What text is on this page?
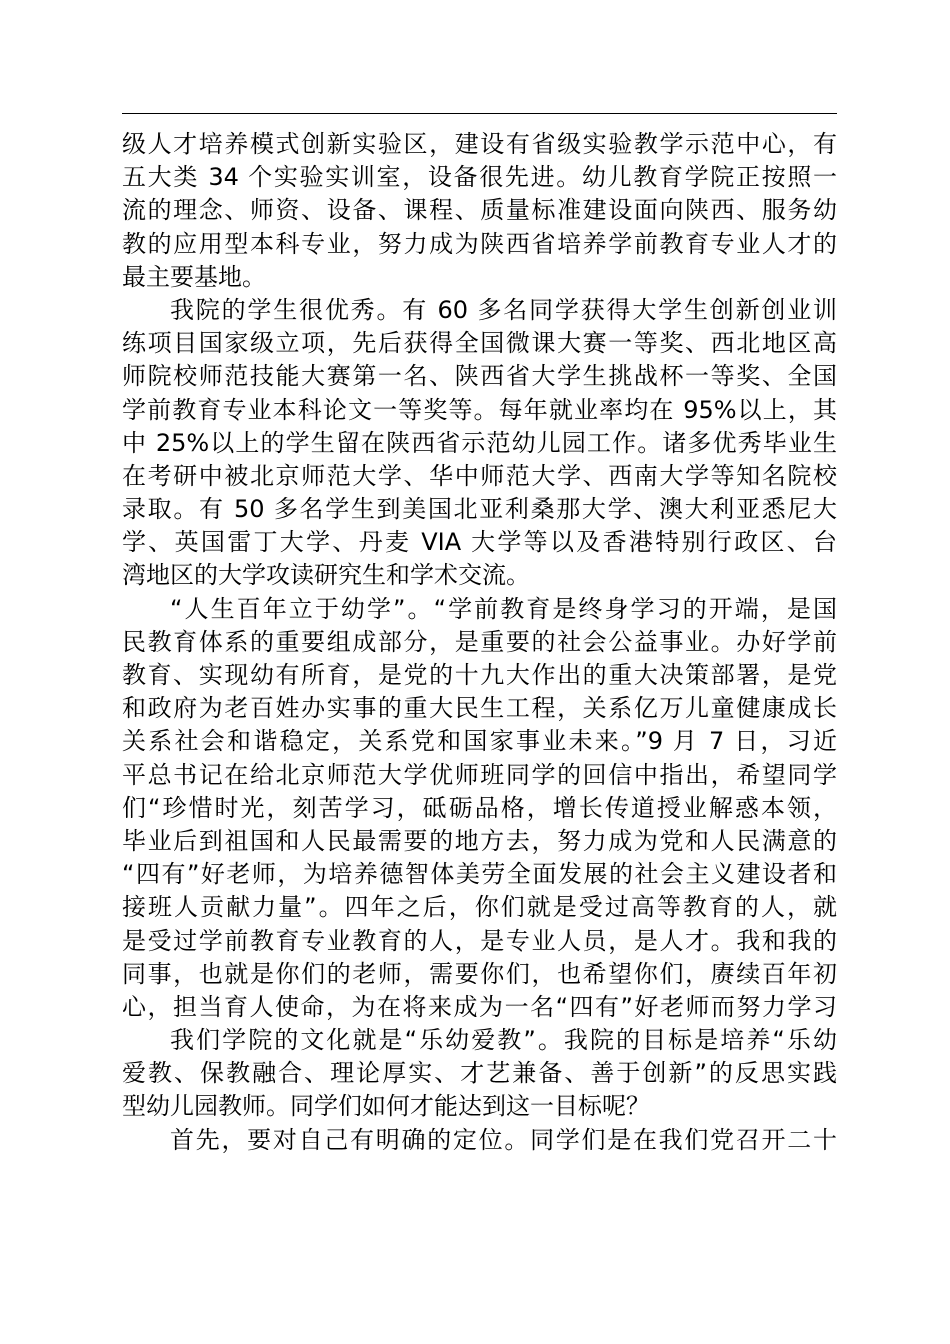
级人才培养模式创新实验区，建设有省级实验教学示范中心，有
五大类 34 个实验实训室，设备很先进。幼儿教育学院正按照一
流的理念、师资、设备、课程、质量标准建设面向陕西、服务幼
教的应用型本科专业，努力成为陕西省培养学前教育专业人才的
最主要基地。
我院的学生很优秀。有 60 多名同学获得大学生创新创业训
练项目国家级立项，先后获得全国微课大赛一等奖、西北地区高
师院校师范技能大赛第一名、陕西省大学生挑战杯一等奖、全国
学前教育专业本科论文一等奖等。每年就业率均在 95%以上，其
中 25%以上的学生留在陕西省示范幼儿园工作。诸多优秀毕业生
在考研中被北京师范大学、华中师范大学、西南大学等知名院校
录取。有 50 多名学生到美国北亚利桑那大学、澳大利亚悉尼大
学、英国雷丁大学、丹麦 VIA 大学等以及香港特别行政区、台
湾地区的大学攻读研究生和学术交流。
“人生百年立于幼学”。“学前教育是终身学习的开端，是国
民教育体系的重要组成部分，是重要的社会公益事业。办好学前
教育、实现幼有所育，是党的十九大作出的重大决策部署，是党
和政府为老百姓办实事的重大民生工程，关系亿万儿童健康成长
关系社会和谐稳定，关系党和国家事业未来。”9 月 7 日，习近
平总书记在给北京师范大学优师班同学的回信中指出，希望同学
们“珍惜时光，刻苦学习，砥砺品格，增长传道授业解惑本领，
毕业后到祖国和人民最需要的地方去，努力成为党和人民满意的
“四有”好老师，为培养德智体美劳全面发展的社会主义建设者和
接班人贡献力量”。四年之后，你们就是受过高等教育的人，就
是受过学前教育专业教育的人，是专业人员，是人才。我和我的
同事，也就是你们的老师，需要你们，也希望你们，赓续百年初
心，担当育人使命，为在将来成为一名“四有”好老师而努力学习
我们学院的文化就是“乐幼爱教”。我院的目标是培养“乐幼
爱教、保教融合、理论厚实、才艺兼备、善于创新”的反思实践
型幼儿园教师。同学们如何才能达到这一目标呢？
首先，要对自己有明确的定位。同学们是在我们党召开二十
